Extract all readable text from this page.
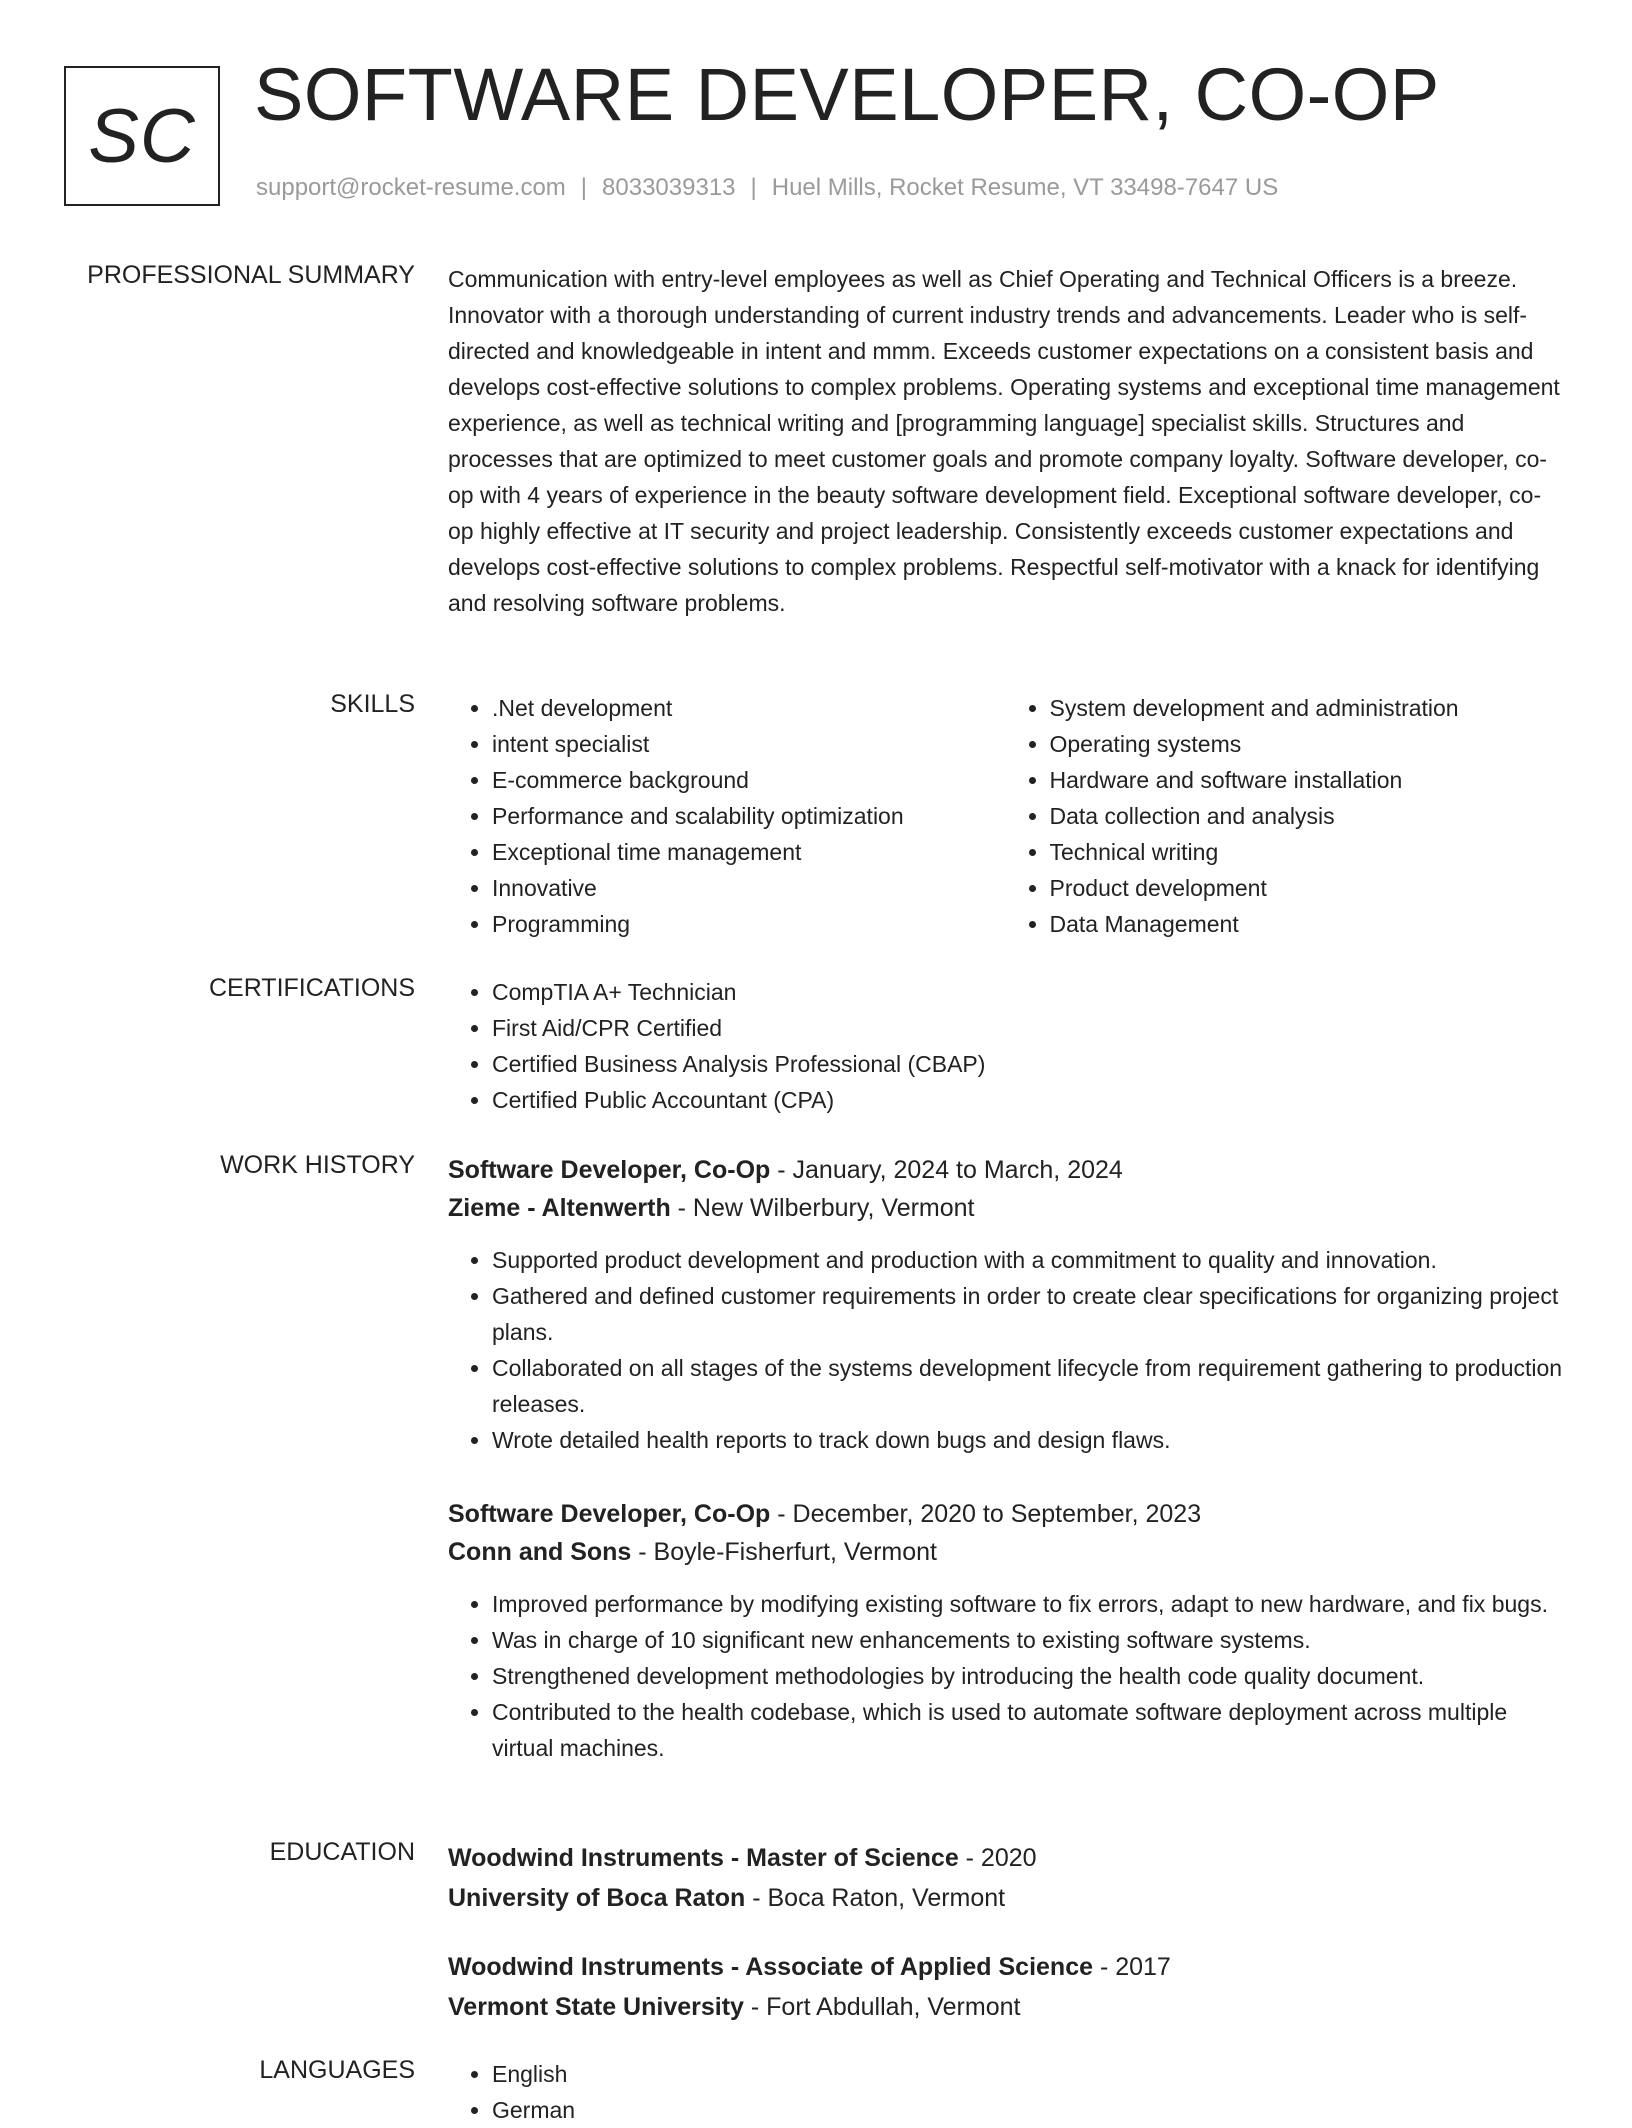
SC SOFTWARE DEVELOPER, CO-OP
support@rocket-resume.com | 8033039313 | Huel Mills, Rocket Resume, VT 33498-7647 US
PROFESSIONAL SUMMARY Communication with entry-level employees as well as Chief Operating and Technical Officers is a breeze. Innovator with a thorough understanding of current industry trends and advancements. Leader who is self-directed and knowledgeable in intent and mmm. Exceeds customer expectations on a consistent basis and develops cost-effective solutions to complex problems. Operating systems and exceptional time management experience, as well as technical writing and [programming language] specialist skills. Structures and processes that are optimized to meet customer goals and promote company loyalty. Software developer, co-op with 4 years of experience in the beauty software development field. Exceptional software developer, co-op highly effective at IT security and project leadership. Consistently exceeds customer expectations and develops cost-effective solutions to complex problems. Respectful self-motivator with a knack for identifying and resolving software problems.
SKILLS	• .Net development
• intent specialist
• E-commerce background
• Performance and scalability optimization
• Exceptional time management
• Innovative
• Programming
• System development and administration
• Operating systems
• Hardware and software installation
• Data collection and analysis
• Technical writing
• Product development
• Data Management
CERTIFICATIONS	• CompTIA A+ Technician
• First Aid/CPR Certified
• Certified Business Analysis Professional (CBAP)
• Certified Public Accountant (CPA)
WORK HISTORY Software Developer, Co-Op - January, 2024 to March, 2024
Zieme - Altenwerth - New Wilberbury, Vermont
• Supported product development and production with a commitment to quality and innovation.
• Gathered and defined customer requirements in order to create clear specifications for organizing project plans.
• Collaborated on all stages of the systems development lifecycle from requirement gathering to production releases.
• Wrote detailed health reports to track down bugs and design flaws.
Software Developer, Co-Op - December, 2020 to September, 2023
Conn and Sons - Boyle-Fisherfurt, Vermont
• Improved performance by modifying existing software to fix errors, adapt to new hardware, and fix bugs.
• Was in charge of 10 significant new enhancements to existing software systems.
• Strengthened development methodologies by introducing the health code quality document.
• Contributed to the health codebase, which is used to automate software deployment across multiple virtual machines.
EDUCATION Woodwind Instruments - Master of Science - 2020
University of Boca Raton - Boca Raton, Vermont
Woodwind Instruments - Associate of Applied Science - 2017
Vermont State University - Fort Abdullah, Vermont
LANGUAGES	• English
• German
